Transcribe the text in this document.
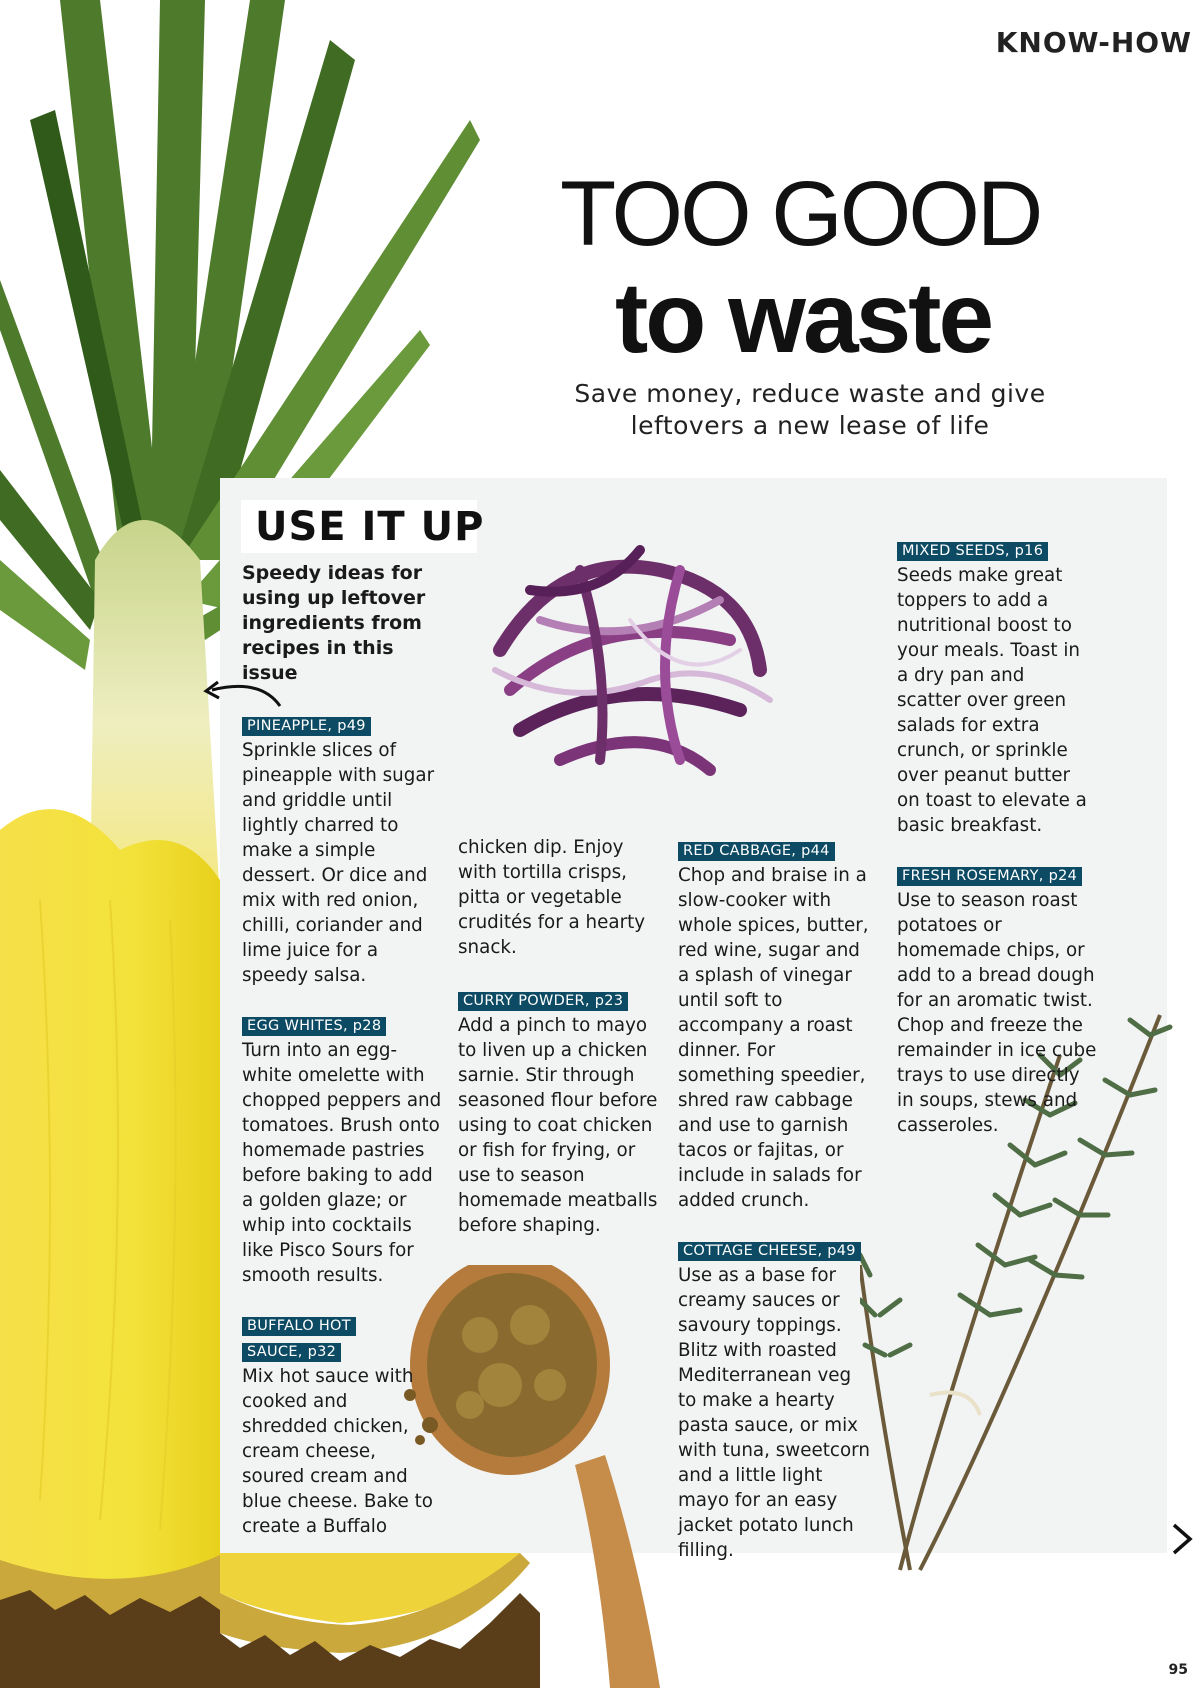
KNOW-HOW
TOO GOOD
to waste
Save money, reduce waste and give leftovers a new lease of life
USE IT UP
Speedy ideas for using up leftover ingredients from recipes in this issue
PINEAPPLE, p49

Sprinkle slices of pineapple with sugar and griddle until lightly charred to make a simple dessert. Or dice and mix with red onion, chilli, coriander and lime juice for a speedy salsa.

EGG WHITES, p28

Turn into an egg-white omelette with chopped peppers and tomatoes. Brush onto homemade pastries before baking to add a golden glaze; or whip into cocktails like Pisco Sours for smooth results.

BUFFALO HOT
SAUCE, p32

Mix hot sauce with cooked and shredded chicken, cream cheese, soured cream and blue cheese. Bake to create a Buffalo

chicken dip. Enjoy with tortilla crisps, pitta or vegetable crudités for a hearty snack.

CURRY POWDER, p23

Add a pinch to mayo to liven up a chicken sarnie. Stir through seasoned flour before using to coat chicken or fish for frying, or use to season homemade meatballs before shaping.

RED CABBAGE, p44

Chop and braise in a slow-cooker with whole spices, butter, red wine, sugar and a splash of vinegar until soft to accompany a roast dinner. For something speedier, shred raw cabbage and use to garnish tacos or fajitas, or include in salads for added crunch.

COTTAGE CHEESE, p49

Use as a base for creamy sauces or savoury toppings. Blitz with roasted Mediterranean veg to make a hearty pasta sauce, or mix with tuna, sweetcorn and a little light mayo for an easy jacket potato lunch filling.

MIXED SEEDS, p16

Seeds make great toppers to add a nutritional boost to your meals. Toast in a dry pan and scatter over green salads for extra crunch, or sprinkle over peanut butter on toast to elevate a basic breakfast.

FRESH ROSEMARY, p24

Use to season roast potatoes or homemade chips, or add to a bread dough for an aromatic twist. Chop and freeze the remainder in ice cube trays to use directly in soups, stews and casseroles.

95
